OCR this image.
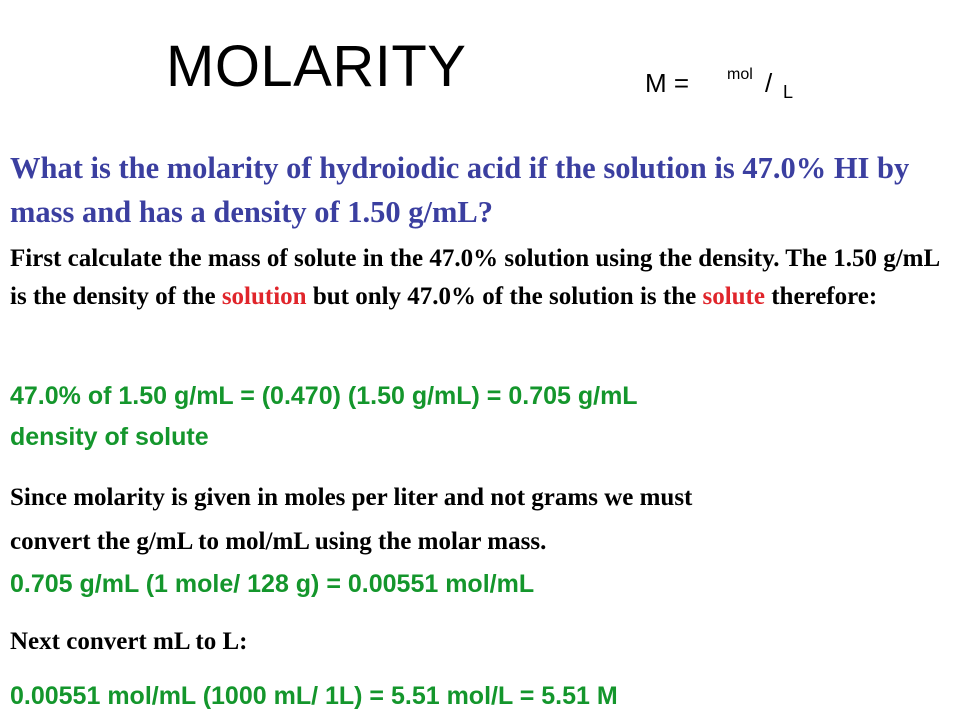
MOLARITY	M = mol / L
What is the molarity of hydroiodic acid if the solution is 47.0% HI by mass and has a density of 1.50 g/mL?
First calculate the mass of solute in the 47.0% solution using the density. The 1.50 g/mL is the density of the solution but only 47.0% of the solution is the solute therefore:
47.0% of 1.50 g/mL = (0.470) (1.50 g/mL) = 0.705 g/mL
density of solute
Since molarity is given in moles per liter and not grams we must
convert the g/mL to mol/mL using the molar mass.
0.705 g/mL (1 mole/ 128 g) = 0.00551 mol/mL
Next convert mL to L:
0.00551 mol/mL (1000 mL/ 1L) = 5.51 mol/L = 5.51 M
